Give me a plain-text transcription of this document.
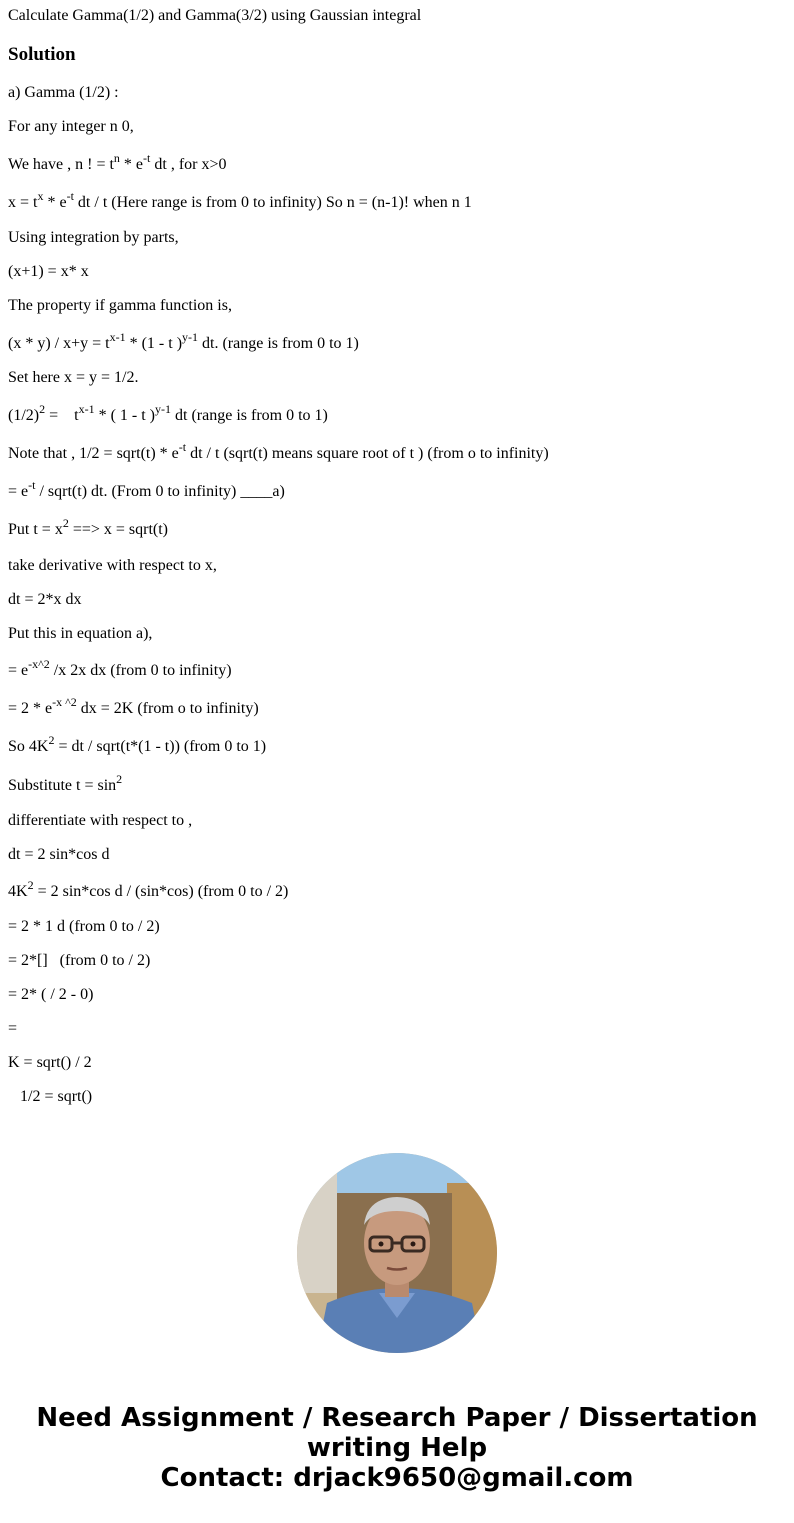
Calculate Gamma(1/2) and Gamma(3/2) using Gaussian integral
Solution
a) Gamma (1/2) :
For any integer n 0,
We have , n ! = $t^n * e^{-t}$ dt , for x>0
$x = t^x * e^{-t}$ dt / t (Here range is from 0 to infinity) So n = (n-1)! when n 1
Using integration by parts,
(x+1) = x* x
The property if gamma function is,
$(x * y) / x+y = t^{x-1} * (1 - t$ )$^{y-1}$ dt. (range is from 0 to 1)
Set here x = y = 1/2.
$(1/2)^2$ =    $t^{x-1}$ * ( 1 - t )$^{y-1}$ dt (range is from 0 to 1)
Note that , 1/2 = sqrt(t) * $e^{-t}$ dt / t (sqrt(t) means square root of t ) (from o to infinity)
= $e^{-t}$ / sqrt(t) dt. (From 0 to infinity) ____a)
Put $t = x^2$ ==> x = sqrt(t)
take derivative with respect to x,
dt = 2*x dx
Put this in equation a),
= $e^{-x\^{}2}$ /x 2x dx (from 0 to infinity)
= $2 * e^{-x \^{}2}$ dx = 2K (from o to infinity)
So $4K^2$ = dt / sqrt(t*(1 - t)) (from 0 to 1)
Substitute $t = \sin^2$
differentiate with respect to ,
dt = 2 sin*cos d
$4K^2 = 2$ sin*cos d / (sin*cos) (from 0 to / 2)
= 2 * 1 d (from 0 to / 2)
= 2*[]   (from 0 to / 2)
= 2* ( / 2 - 0)
=
K = sqrt() / 2
1/2 = sqrt()
Need Assignment / Research Paper / Dissertation
writing Help
Contact: drjack9650@gmail.com
